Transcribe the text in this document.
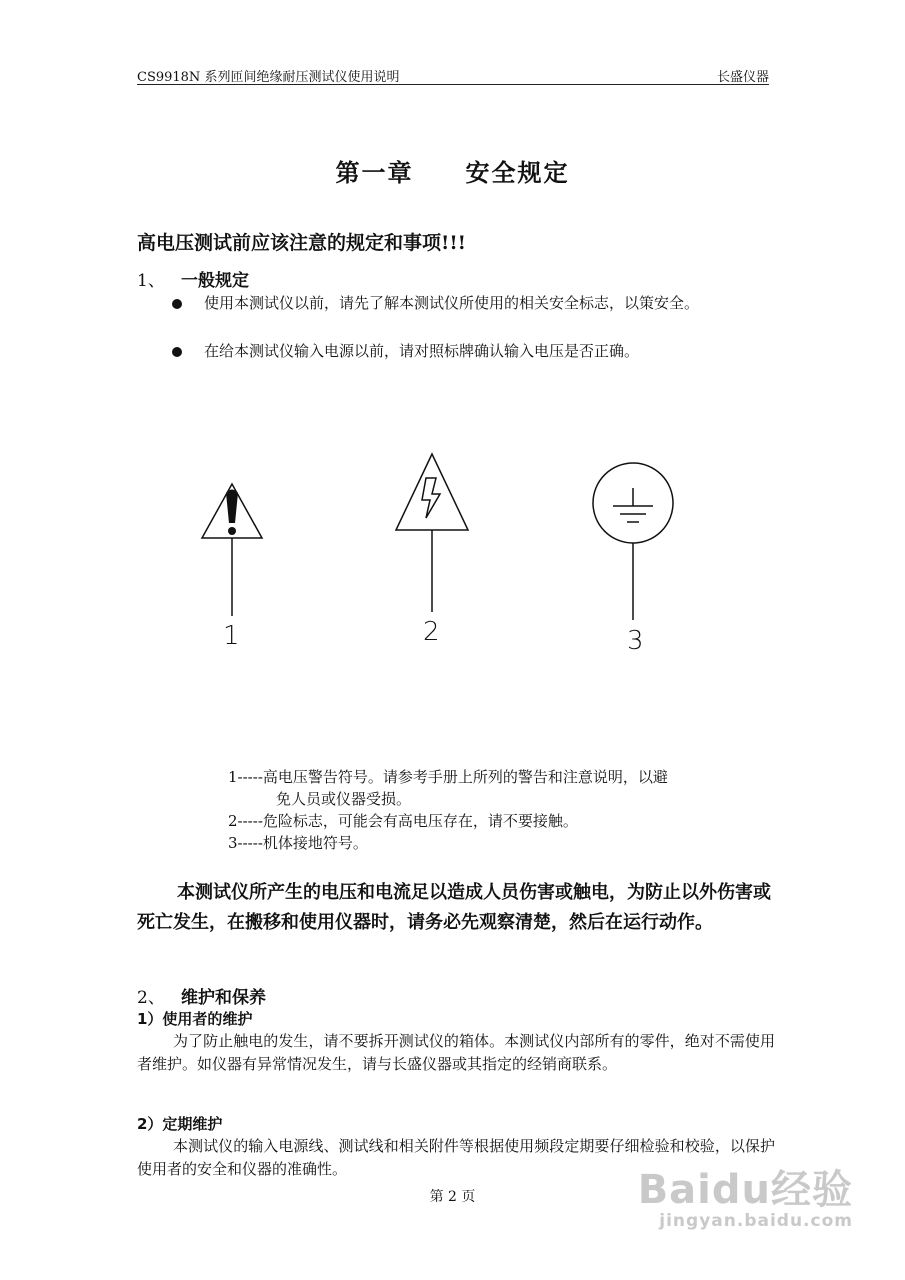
CS9918N 系列匝间绝缘耐压测试仪使用说明	长盛仪器
第一章 安全规定
高电压测试前应该注意的规定和事项!!!
1、 一般规定
使用本测试仪以前，请先了解本测试仪所使用的相关安全标志，以策安全。
在给本测试仪输入电源以前，请对照标牌确认输入电压是否正确。
1	2	3
1-----高电压警告符号。请参考手册上所列的警告和注意说明，以避
免人员或仪器受损。
2-----危险标志，可能会有高电压存在，请不要接触。
3-----机体接地符号。
本测试仪所产生的电压和电流足以造成人员伤害或触电，为防止以外伤害或死亡发生，在搬移和使用仪器时，请务必先观察清楚，然后在运行动作。
2、 维护和保养
1）使用者的维护
为了防止触电的发生，请不要拆开测试仪的箱体。本测试仪内部所有的零件，绝对不需使用者维护。如仪器有异常情况发生，请与长盛仪器或其指定的经销商联系。
2）定期维护
本测试仪的输入电源线、测试线和相关附件等根据使用频段定期要仔细检验和校验，以保护使用者的安全和仪器的准确性。
第 2 页	Baidu经验
jingyan.baidu.com
